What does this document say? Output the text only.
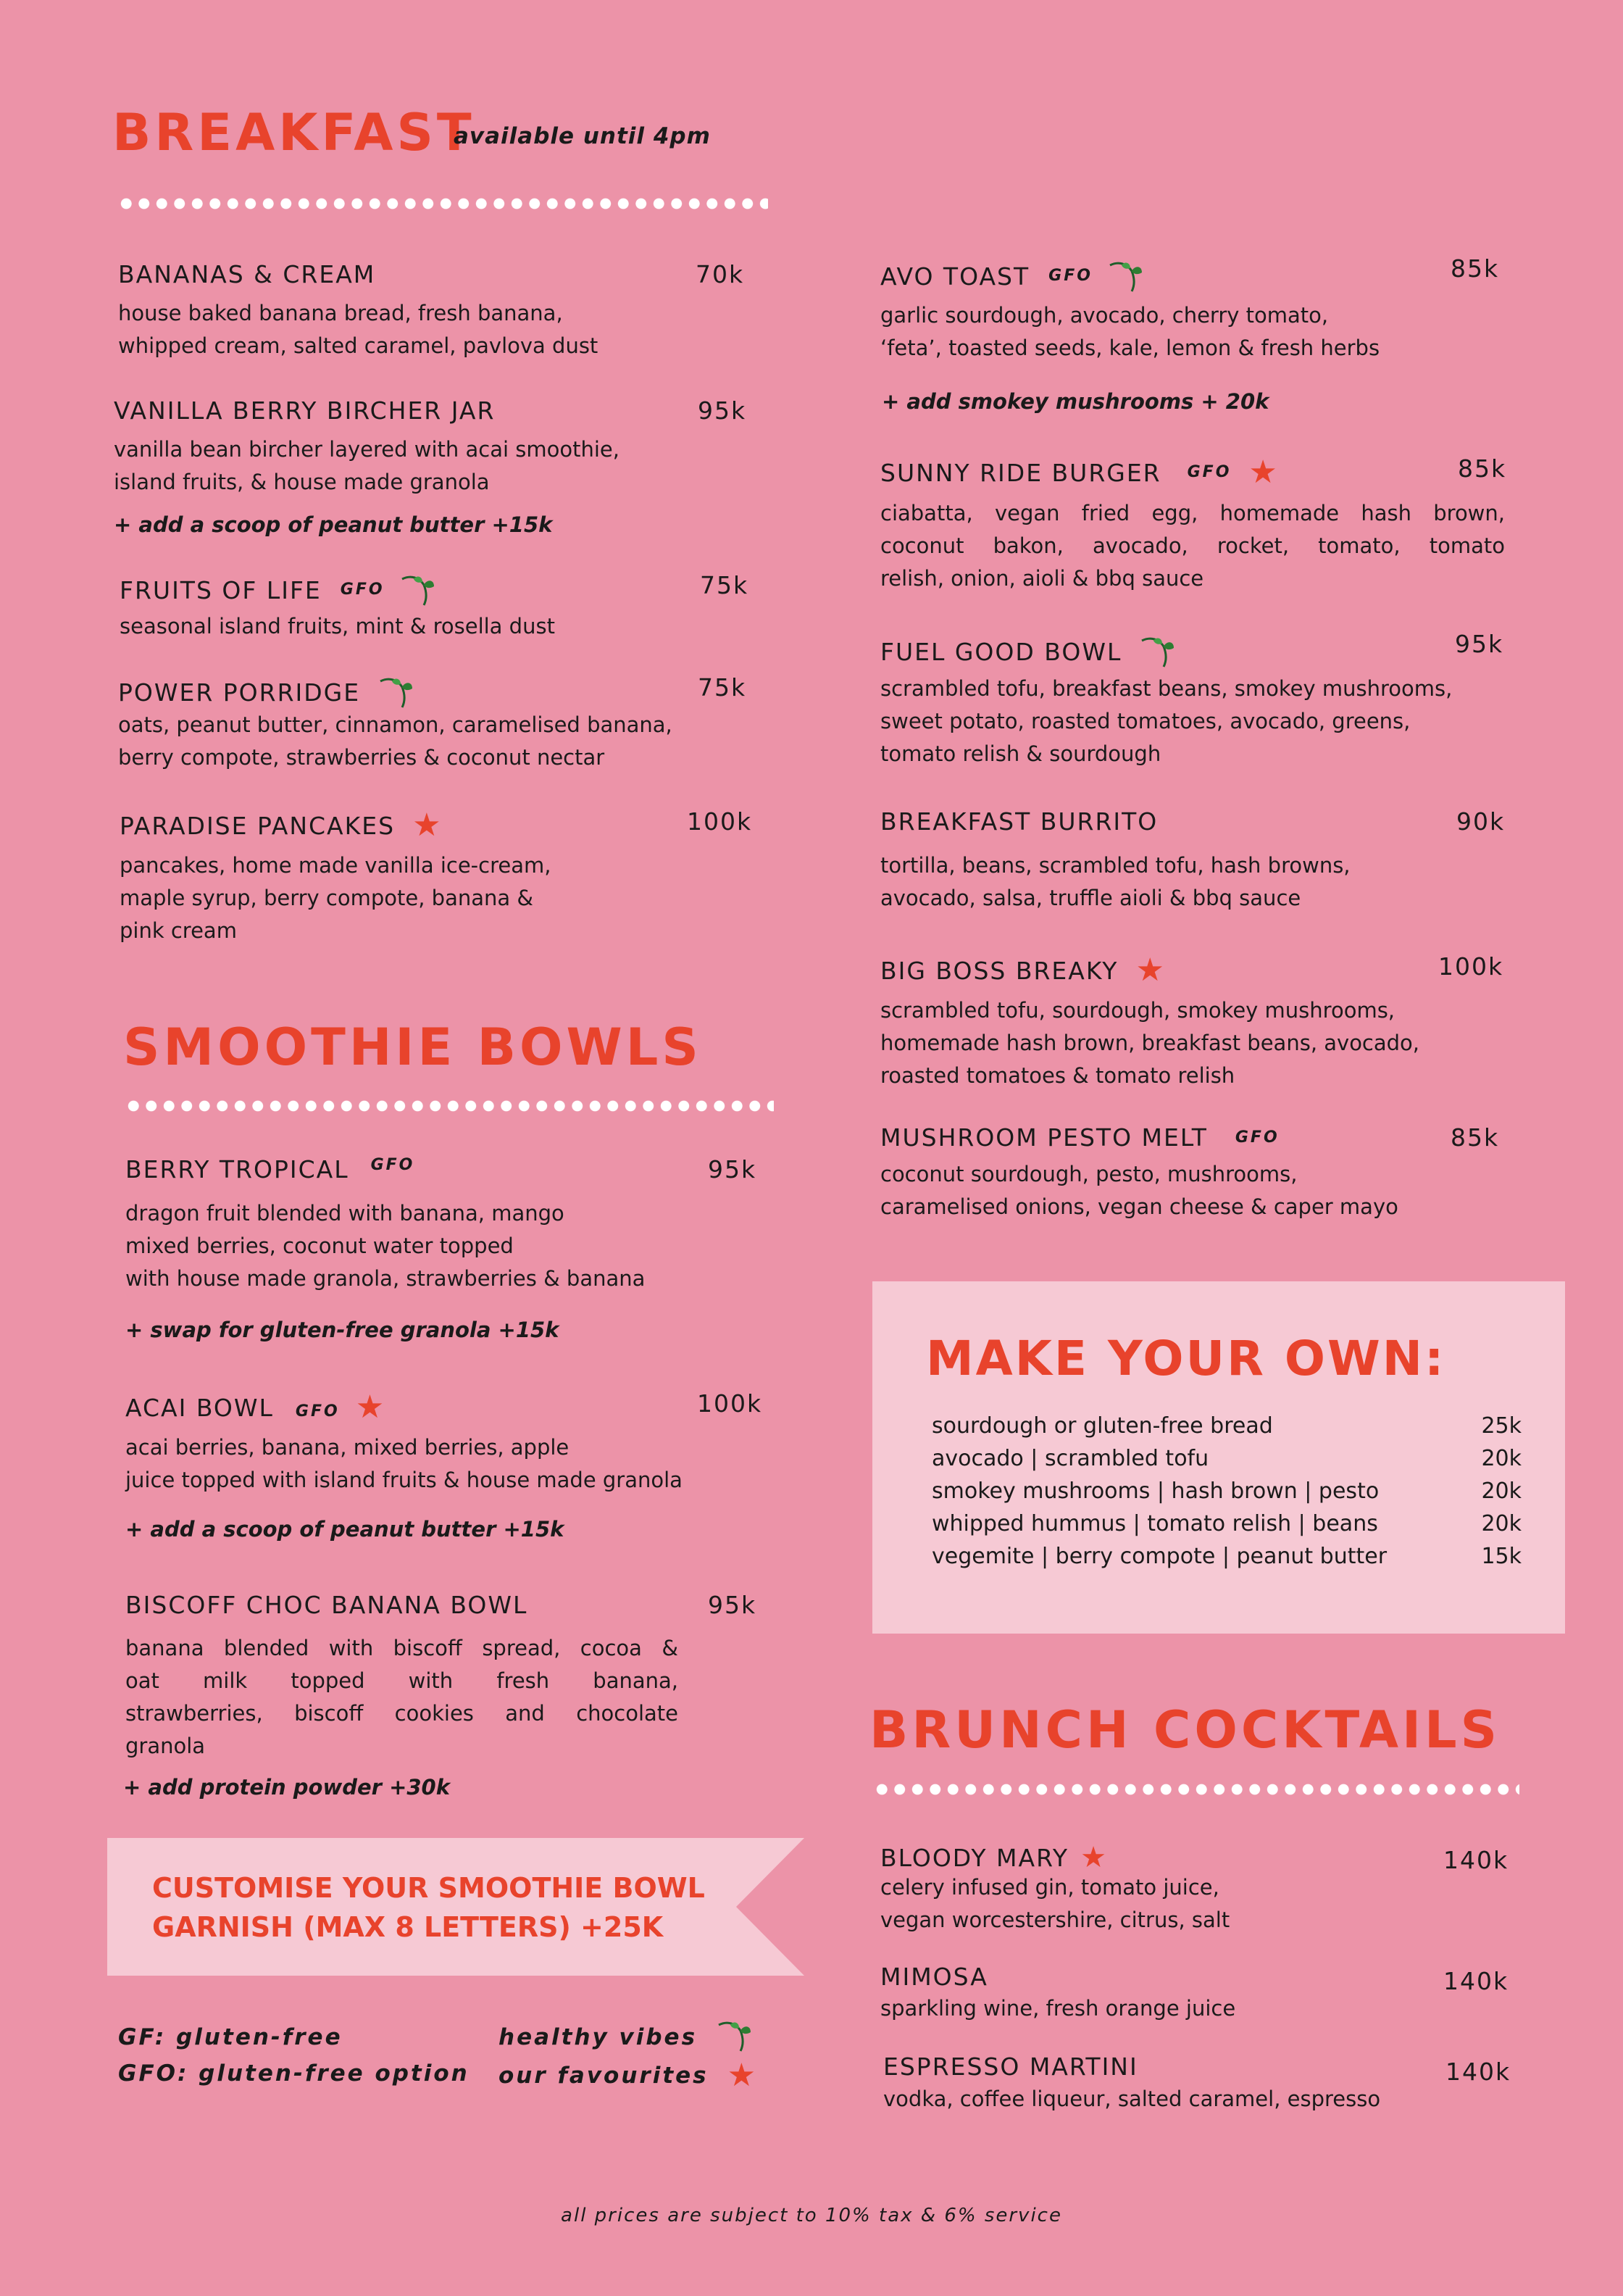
BREAKFAST
available until 4pm
BANANAS & CREAM	70k
house baked banana bread, fresh banana,
whipped cream, salted caramel, pavlova dust
VANILLA BERRY BIRCHER JAR	95k
vanilla bean bircher layered with acai smoothie,
island fruits, & house made granola
+ add a scoop of peanut butter +15k
FRUITS OF LIFE GFO	75k
seasonal island fruits, mint & rosella dust
POWER PORRIDGE	75k
oats, peanut butter, cinnamon, caramelised banana,
berry compote, strawberries & coconut nectar
PARADISE PANCAKES ★	100k
pancakes, home made vanilla ice-cream,
maple syrup, berry compote, banana &
pink cream
AVO TOAST GFO	85k
garlic sourdough, avocado, cherry tomato,
‘feta’, toasted seeds, kale, lemon & fresh herbs
+ add smokey mushrooms + 20k
SUNNY RIDE BURGER GFO ★	85k
ciabatta, vegan fried egg, homemade hash brown,
coconut bakon, avocado, rocket, tomato, tomato
relish, onion, aioli & bbq sauce
FUEL GOOD BOWL	95k
scrambled tofu, breakfast beans, smokey mushrooms,
sweet potato, roasted tomatoes, avocado, greens,
tomato relish & sourdough
BREAKFAST BURRITO	90k
tortilla, beans, scrambled tofu, hash browns,
avocado, salsa, truffle aioli & bbq sauce
BIG BOSS BREAKY ★	100k
scrambled tofu, sourdough, smokey mushrooms,
homemade hash brown, breakfast beans, avocado,
roasted tomatoes & tomato relish
MUSHROOM PESTO MELT GFO	85k
coconut sourdough, pesto, mushrooms,
caramelised onions, vegan cheese & caper mayo
SMOOTHIE BOWLS
BERRY TROPICAL GFO	95k
dragon fruit blended with banana, mango
mixed berries, coconut water topped
with house made granola, strawberries & banana
+ swap for gluten-free granola +15k
ACAI BOWL GFO ★	100k
acai berries, banana, mixed berries, apple
juice topped with island fruits & house made granola
+ add a scoop of peanut butter +15k
BISCOFF CHOC BANANA BOWL	95k
banana blended with biscoff spread, cocoa &
oat milk topped with fresh banana,
strawberries, biscoff cookies and chocolate
granola
+ add protein powder +30k
CUSTOMISE YOUR SMOOTHIE BOWL
GARNISH (MAX 8 LETTERS) +25K
GF: gluten-free
GFO: gluten-free option
healthy vibes
our favourites ★
MAKE YOUR OWN:
sourdough or gluten-free bread	25k
avocado | scrambled tofu	20k
smokey mushrooms | hash brown | pesto	20k
whipped hummus | tomato relish | beans	20k
vegemite | berry compote | peanut butter	15k
BRUNCH COCKTAILS
BLOODY MARY ★	140k
celery infused gin, tomato juice,
vegan worcestershire, citrus, salt
MIMOSA	140k
sparkling wine, fresh orange juice
ESPRESSO MARTINI	140k
vodka, coffee liqueur, salted caramel, espresso
all prices are subject to 10% tax & 6% service
